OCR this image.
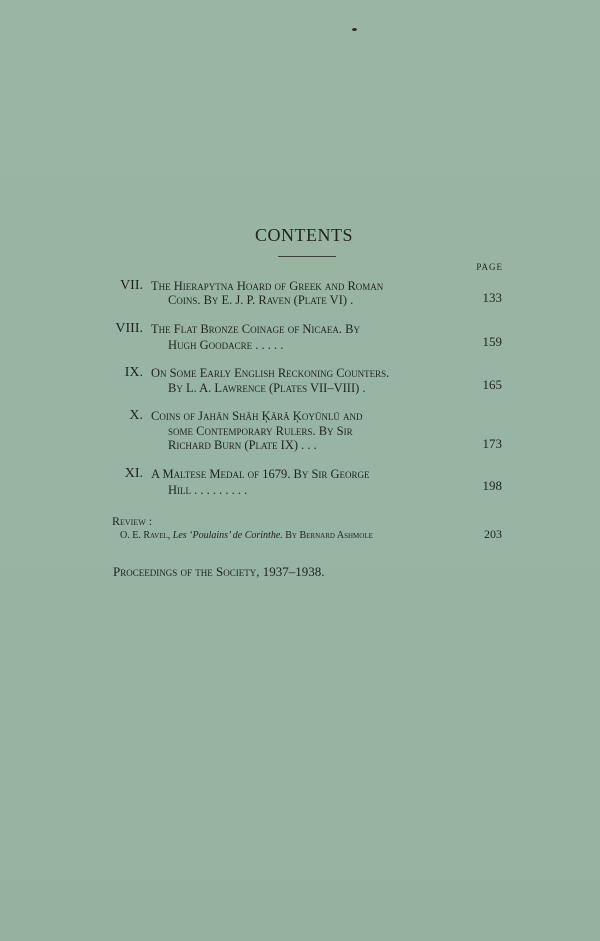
CONTENTS
PAGE
VII. The Hierapytna Hoard of Greek and Roman
Coins. By E. J. P. Raven (Plate VI) .	133
VIII. The Flat Bronze Coinage of Nicaea. By
Hugh Goodacre . . . . .	159
IX. On Some Early English Reckoning Counters.
By L. A. Lawrence (Plates VII–VIII) .	165
X. Coins of Jahān Shāh Ķārā Ķoyūnlū and
some Contemporary Rulers. By Sir
Richard Burn (Plate IX) . . .	173
XI. A Maltese Medal of 1679. By Sir George
Hill . . . . . . . . .	198
Review :
O. E. Ravel, Les ‘Poulains’ de Corinthe. By Bernard Ashmole	203
Proceedings of the Society, 1937–1938.
